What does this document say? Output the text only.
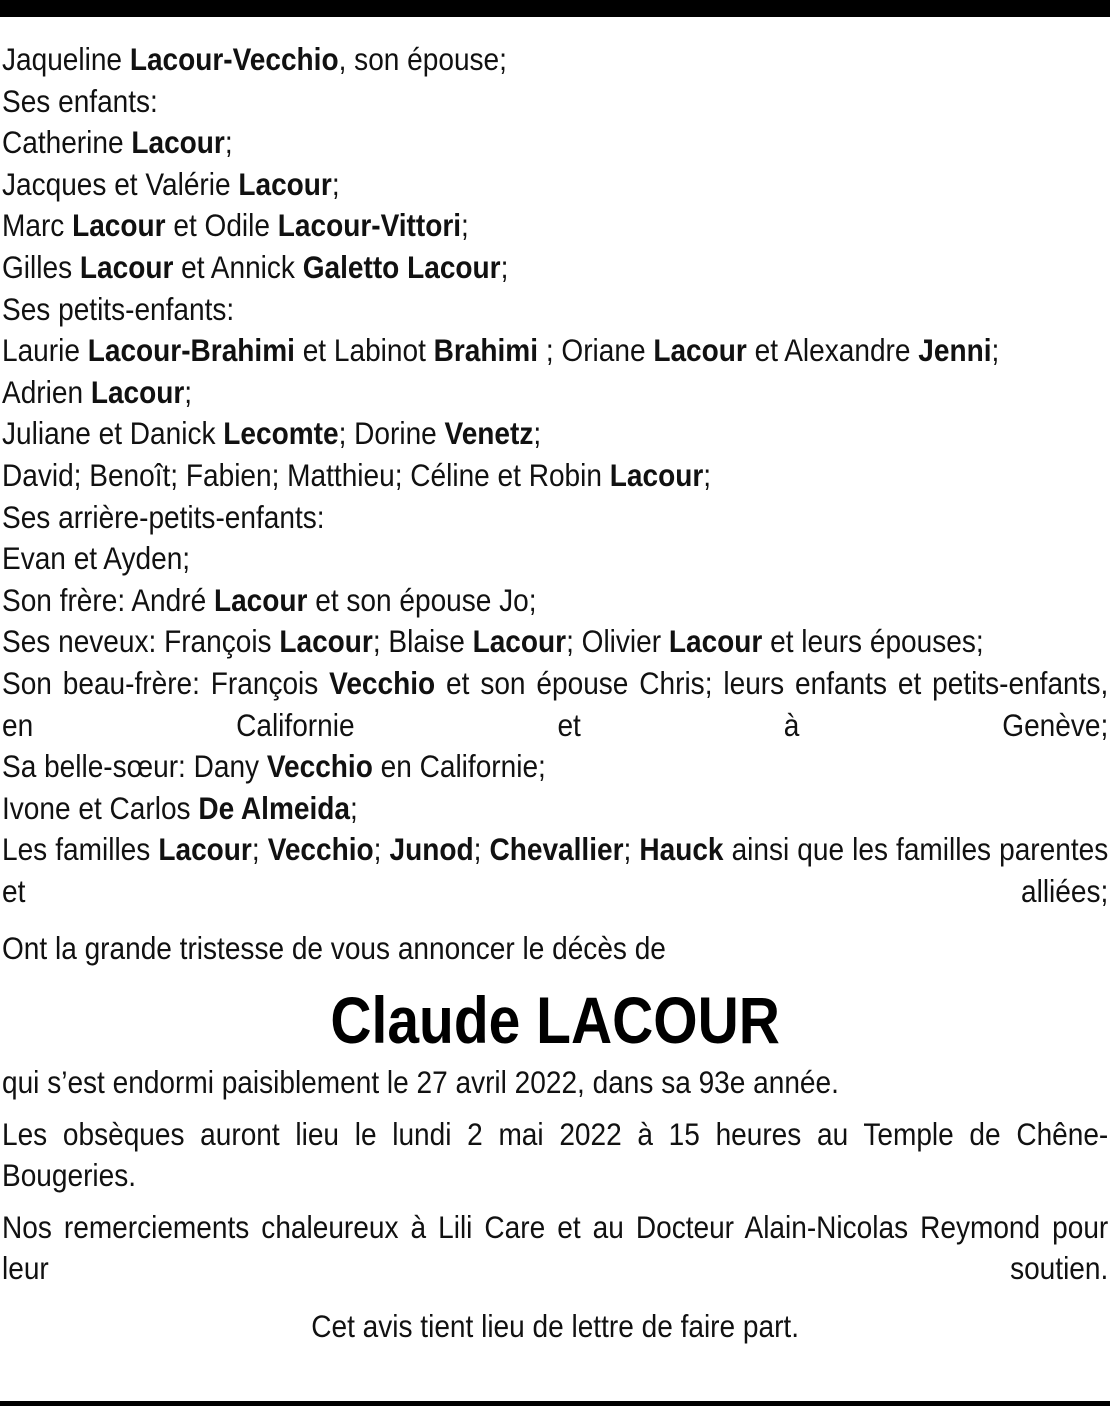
Jaqueline Lacour-Vecchio, son épouse;
Ses enfants:
Catherine Lacour;
Jacques et Valérie Lacour;
Marc Lacour et Odile Lacour-Vittori;
Gilles Lacour et Annick Galetto Lacour;
Ses petits-enfants:
Laurie Lacour-Brahimi et Labinot Brahimi ; Oriane Lacour et Alexandre Jenni;
Adrien Lacour;
Juliane et Danick Lecomte; Dorine Venetz;
David; Benoît; Fabien; Matthieu; Céline et Robin Lacour;
Ses arrière-petits-enfants:
Evan et Ayden;
Son frère: André Lacour et son épouse Jo;
Ses neveux: François Lacour; Blaise Lacour; Olivier Lacour et leurs épouses;
Son beau-frère: François Vecchio et son épouse Chris; leurs enfants et petits-enfants, en Californie et à Genève;
Sa belle-sœur: Dany Vecchio en Californie;
Ivone et Carlos De Almeida;
Les familles Lacour; Vecchio; Junod; Chevallier; Hauck ainsi que les familles parentes et alliées;
Ont la grande tristesse de vous annoncer le décès de
Claude LACOUR
qui s’est endormi paisiblement le 27 avril 2022, dans sa 93e année.
Les obsèques auront lieu le lundi 2 mai 2022 à 15 heures au Temple de Chêne-Bougeries.
Nos remerciements chaleureux à Lili Care et au Docteur Alain-Nicolas Reymond pour leur soutien.
Cet avis tient lieu de lettre de faire part.
